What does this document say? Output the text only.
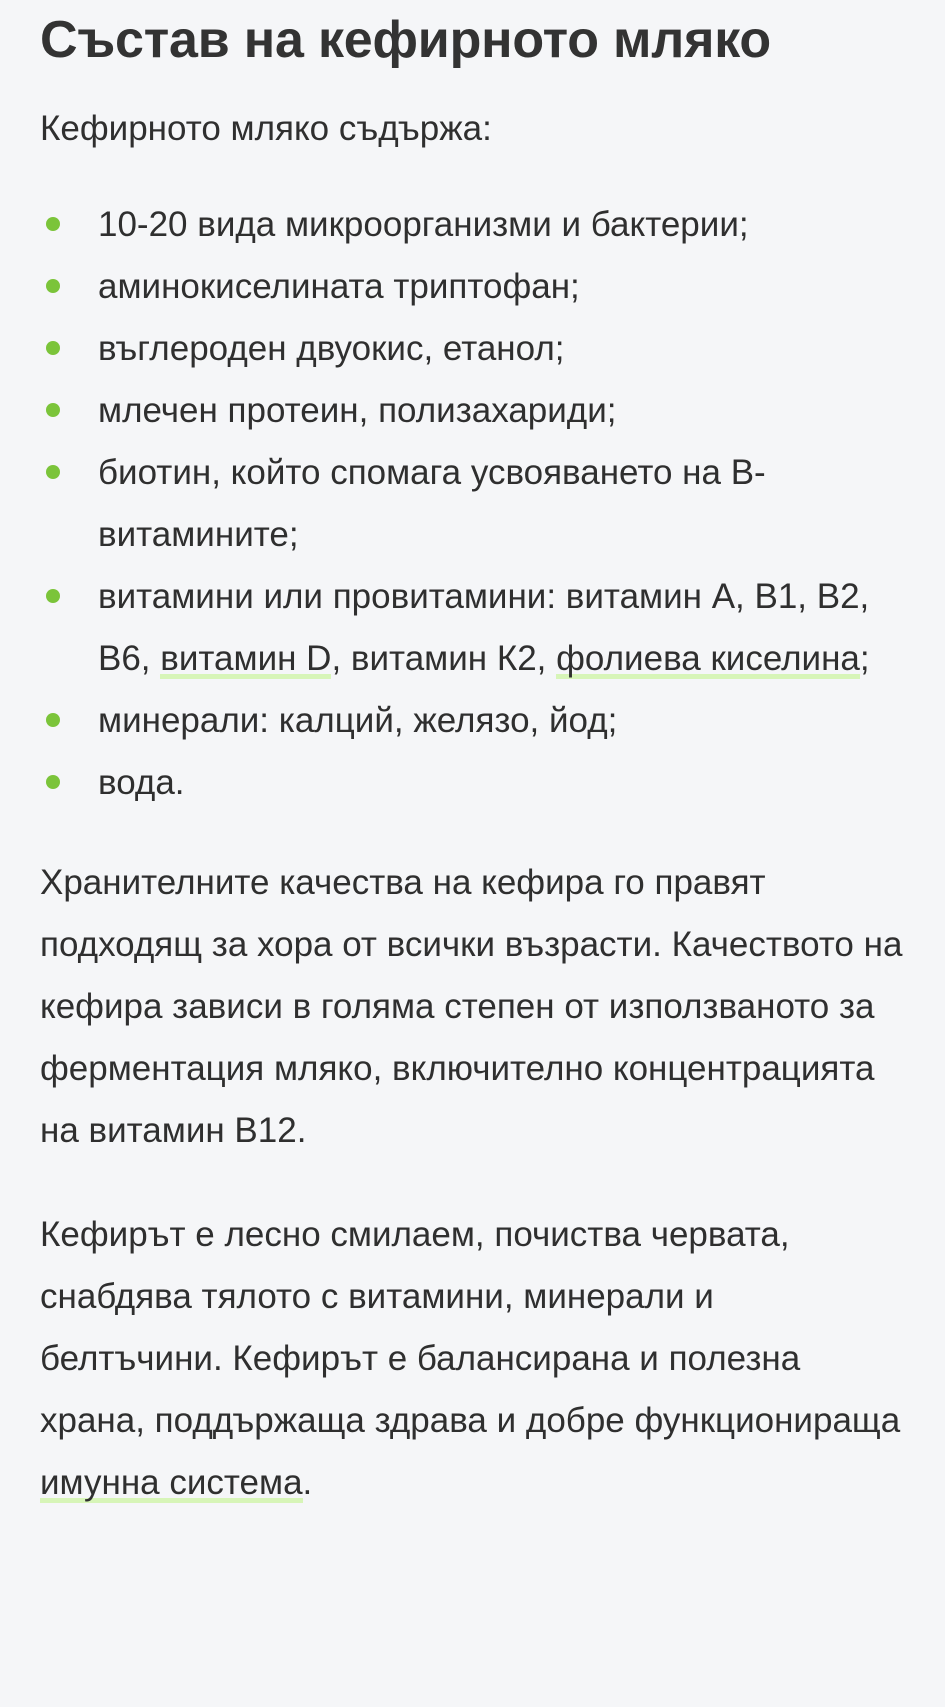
Състав на кефирното мляко

Кефирното мляко съдържа:

10-20 вида микроорганизми и бактерии;
аминокиселината триптофан;
въглероден двуокис, етанол;
млечен протеин, полизахариди;
биотин, който спомага усвояването на В-витамините;
витамини или провитамини: витамин А, В1, В2, В6, витамин D, витамин К2, фолиева киселина;
минерали: калций, желязо, йод;
вода.

Хранителните качества на кефира го правят подходящ за хора от всички възрасти. Качеството на кефира зависи в голяма степен от използваното за ферментация мляко, включително концентрацията на витамин В12.

Кефирът е лесно смилаем, почиства червата, снабдява тялото с витамини, минерали и белтъчини. Кефирът е балансирана и полезна храна, поддържаща здрава и добре функционираща имунна система.
